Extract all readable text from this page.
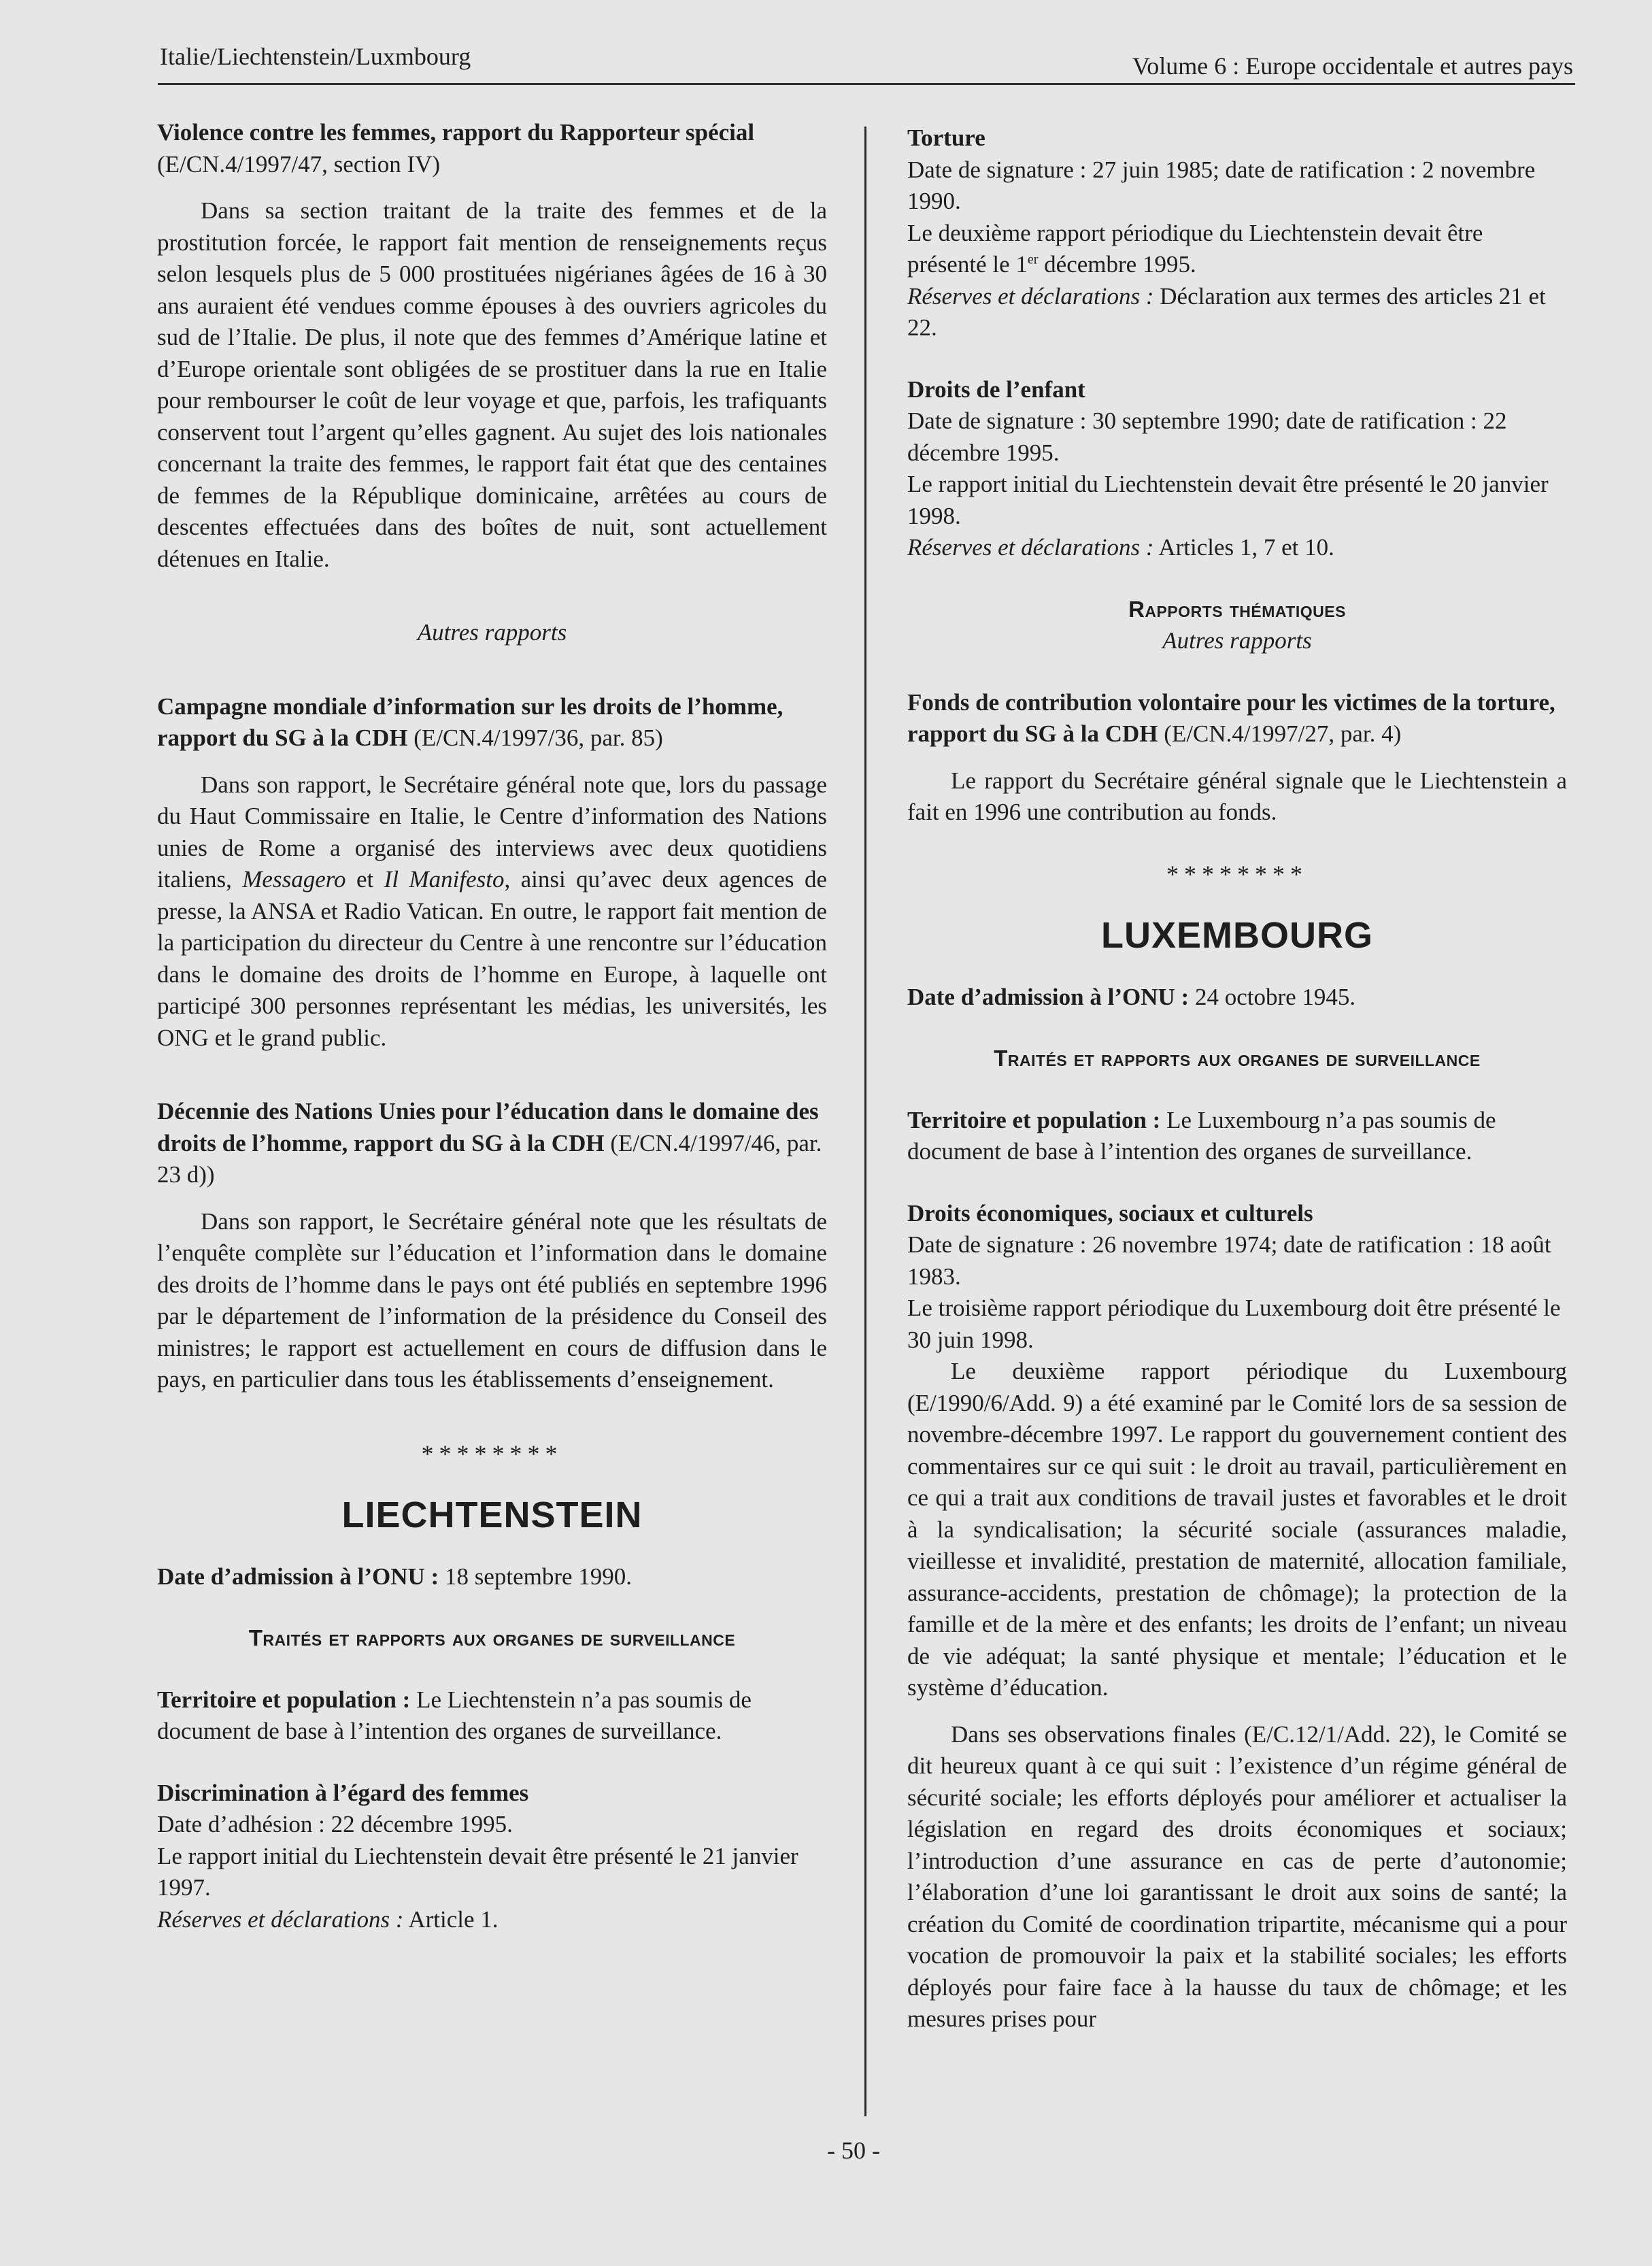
Italie/Liechtenstein/Luxmbourg	Volume 6 : Europe occidentale et autres pays

Violence contre les femmes, rapport du Rapporteur spécial (E/CN.4/1997/47, section IV)

Dans sa section traitant de la traite des femmes et de la prostitution forcée, le rapport fait mention de renseignements reçus selon lesquels plus de 5 000 prostituées nigérianes âgées de 16 à 30 ans auraient été vendues comme épouses à des ouvriers agricoles du sud de l’Italie. De plus, il note que des femmes d’Amérique latine et d’Europe orientale sont obligées de se prostituer dans la rue en Italie pour rembourser le coût de leur voyage et que, parfois, les trafiquants conservent tout l’argent qu’elles gagnent. Au sujet des lois nationales concernant la traite des femmes, le rapport fait état que des centaines de femmes de la République dominicaine, arrêtées au cours de descentes effectuées dans des boîtes de nuit, sont actuellement détenues en Italie.

Autres rapports

Campagne mondiale d’information sur les droits de l’homme, rapport du SG à la CDH (E/CN.4/1997/36, par. 85)

Dans son rapport, le Secrétaire général note que, lors du passage du Haut Commissaire en Italie, le Centre d’information des Nations unies de Rome a organisé des interviews avec deux quotidiens italiens, Messagero et Il Manifesto, ainsi qu’avec deux agences de presse, la ANSA et Radio Vatican. En outre, le rapport fait mention de la participation du directeur du Centre à une rencontre sur l’éducation dans le domaine des droits de l’homme en Europe, à laquelle ont participé 300 personnes représentant les médias, les universités, les ONG et le grand public.

Décennie des Nations Unies pour l’éducation dans le domaine des droits de l’homme, rapport du SG à la CDH (E/CN.4/1997/46, par. 23 d))

Dans son rapport, le Secrétaire général note que les résultats de l’enquête complète sur l’éducation et l’information dans le domaine des droits de l’homme dans le pays ont été publiés en septembre 1996 par le département de l’information de la présidence du Conseil des ministres; le rapport est actuellement en cours de diffusion dans le pays, en particulier dans tous les établissements d’enseignement.

********

LIECHTENSTEIN

Date d’admission à l’ONU : 18 septembre 1990.

Traités et rapports aux organes de surveillance

Territoire et population : Le Liechtenstein n’a pas soumis de document de base à l’intention des organes de surveillance.

Discrimination à l’égard des femmes

Date d’adhésion : 22 décembre 1995.

Le rapport initial du Liechtenstein devait être présenté le 21 janvier 1997.

Réserves et déclarations : Article 1.

Torture

Date de signature : 27 juin 1985; date de ratification : 2 novembre 1990.

Le deuxième rapport périodique du Liechtenstein devait être présenté le 1er décembre 1995.

Réserves et déclarations : Déclaration aux termes des articles 21 et 22.

Droits de l’enfant

Date de signature : 30 septembre 1990; date de ratification : 22 décembre 1995.

Le rapport initial du Liechtenstein devait être présenté le 20 janvier 1998.

Réserves et déclarations : Articles 1, 7 et 10.

Rapports thématiques

Autres rapports

Fonds de contribution volontaire pour les victimes de la torture, rapport du SG à la CDH (E/CN.4/1997/27, par. 4)

Le rapport du Secrétaire général signale que le Liechtenstein a fait en 1996 une contribution au fonds.

********

LUXEMBOURG

Date d’admission à l’ONU : 24 octobre 1945.

Traités et rapports aux organes de surveillance

Territoire et population : Le Luxembourg n’a pas soumis de document de base à l’intention des organes de surveillance.

Droits économiques, sociaux et culturels

Date de signature : 26 novembre 1974; date de ratification : 18 août 1983.

Le troisième rapport périodique du Luxembourg doit être présenté le 30 juin 1998.

Le deuxième rapport périodique du Luxembourg (E/1990/6/Add. 9) a été examiné par le Comité lors de sa session de novembre-décembre 1997. Le rapport du gouvernement contient des commentaires sur ce qui suit : le droit au travail, particulièrement en ce qui a trait aux conditions de travail justes et favorables et le droit à la syndicalisation; la sécurité sociale (assurances maladie, vieillesse et invalidité, prestation de maternité, allocation familiale, assurance-accidents, prestation de chômage); la protection de la famille et de la mère et des enfants; les droits de l’enfant; un niveau de vie adéquat; la santé physique et mentale; l’éducation et le système d’éducation.

Dans ses observations finales (E/C.12/1/Add. 22), le Comité se dit heureux quant à ce qui suit : l’existence d’un régime général de sécurité sociale; les efforts déployés pour améliorer et actualiser la législation en regard des droits économiques et sociaux; l’introduction d’une assurance en cas de perte d’autonomie; l’élaboration d’une loi garantissant le droit aux soins de santé; la création du Comité de coordination tripartite, mécanisme qui a pour vocation de promouvoir la paix et la stabilité sociales; les efforts déployés pour faire face à la hausse du taux de chômage; et les mesures prises pour

- 50 -
